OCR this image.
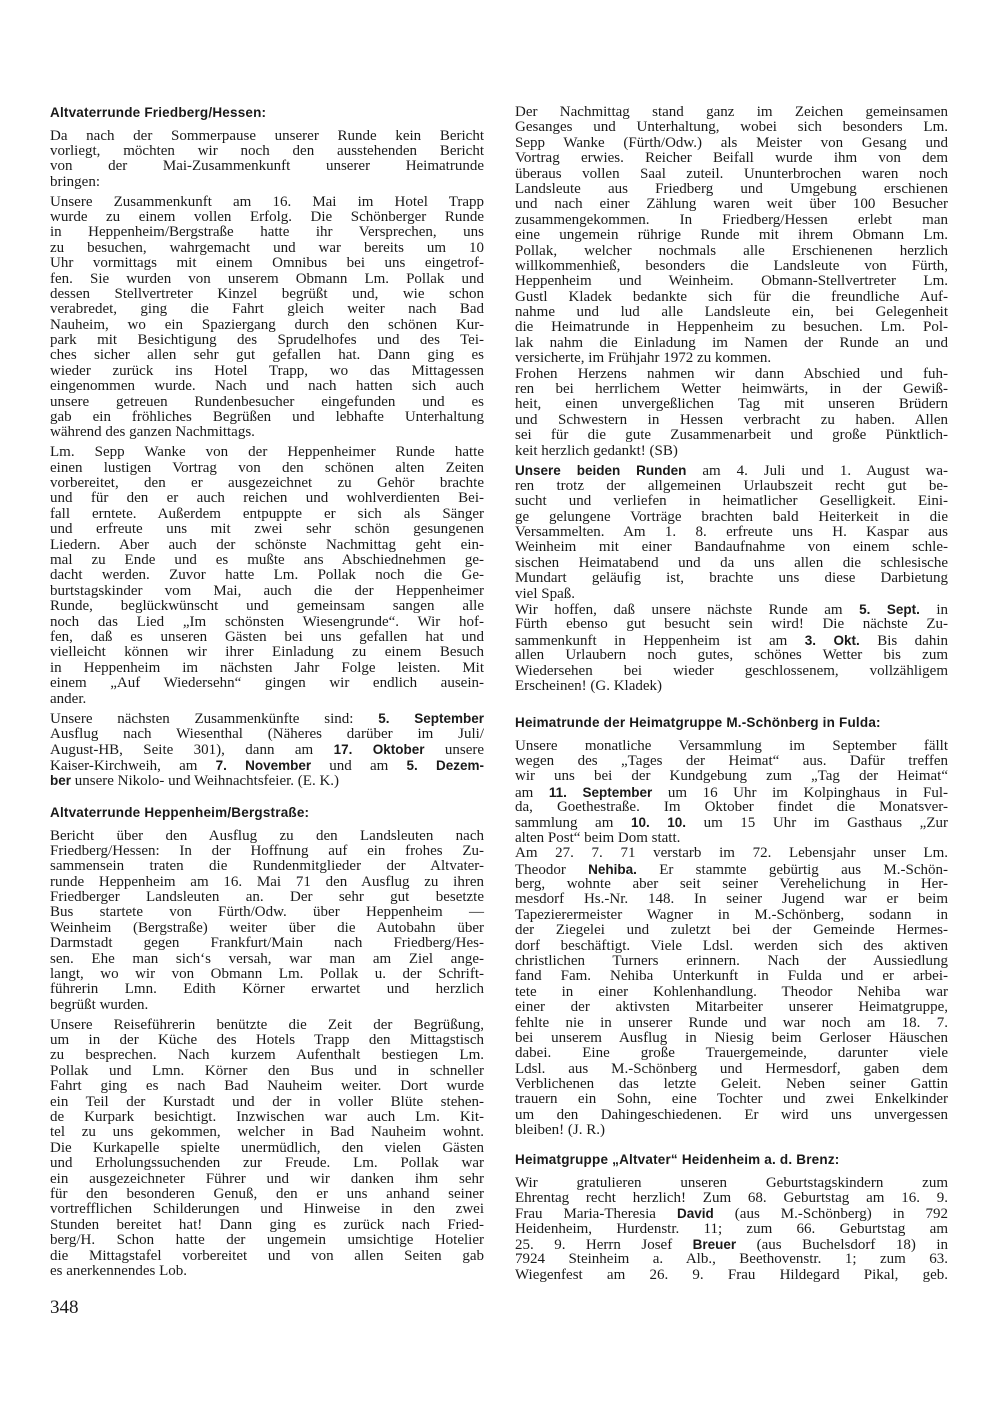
Altvaterrunde Friedberg/Hessen:
Da nach der Sommerpause unserer Runde kein Bericht
vorliegt, möchten wir noch den ausstehenden Bericht
von der Mai-Zusammenkunft unserer Heimatrunde
bringen:
Unsere Zusammenkunft am 16. Mai im Hotel Trapp
wurde zu einem vollen Erfolg. Die Schönberger Runde
in Heppenheim/Bergstraße hatte ihr Versprechen, uns
zu besuchen, wahrgemacht und war bereits um 10
Uhr vormittags mit einem Omnibus bei uns eingetrof-
fen. Sie wurden von unserem Obmann Lm. Pollak und
dessen Stellvertreter Kinzel begrüßt und, wie schon
verabredet, ging die Fahrt gleich weiter nach Bad
Nauheim, wo ein Spaziergang durch den schönen Kur-
park mit Besichtigung des Sprudelhofes und des Tei-
ches sicher allen sehr gut gefallen hat. Dann ging es
wieder zurück ins Hotel Trapp, wo das Mittagessen
eingenommen wurde. Nach und nach hatten sich auch
unsere getreuen Rundenbesucher eingefunden und es
gab ein fröhliches Begrüßen und lebhafte Unterhaltung
während des ganzen Nachmittags.
Lm. Sepp Wanke von der Heppenheimer Runde hatte
einen lustigen Vortrag von den schönen alten Zeiten
vorbereitet, den er ausgezeichnet zu Gehör brachte
und für den er auch reichen und wohlverdienten Bei-
fall erntete. Außerdem entpuppte er sich als Sänger
und erfreute uns mit zwei sehr schön gesungenen
Liedern. Aber auch der schönste Nachmittag geht ein-
mal zu Ende und es mußte ans Abschiednehmen ge-
dacht werden. Zuvor hatte Lm. Pollak noch die Ge-
burtstagskinder vom Mai, auch die der Heppenheimer
Runde, beglückwünscht und gemeinsam sangen alle
noch das Lied „Im schönsten Wiesengrunde“. Wir hof-
fen, daß es unseren Gästen bei uns gefallen hat und
vielleicht können wir ihrer Einladung zu einem Besuch
in Heppenheim im nächsten Jahr Folge leisten. Mit
einem „Auf Wiedersehn“ gingen wir endlich ausein-
ander.
Unsere nächsten Zusammenkünfte sind: 5. September
Ausflug nach Wiesenthal (Näheres darüber im Juli/
August-HB, Seite 301), dann am 17. Oktober unsere
Kaiser-Kirchweih, am 7. November und am 5. Dezem-
ber unsere Nikolo- und Weihnachtsfeier. (E. K.)
Altvaterrunde Heppenheim/Bergstraße:
Bericht über den Ausflug zu den Landsleuten nach
Friedberg/Hessen: In der Hoffnung auf ein frohes Zu-
sammensein traten die Rundenmitglieder der Altvater-
runde Heppenheim am 16. Mai 71 den Ausflug zu ihren
Friedberger Landsleuten an. Der sehr gut besetzte
Bus startete von Fürth/Odw. über Heppenheim —
Weinheim (Bergstraße) weiter über die Autobahn über
Darmstadt gegen Frankfurt/Main nach Friedberg/Hes-
sen. Ehe man sich‘s versah, war man am Ziel ange-
langt, wo wir von Obmann Lm. Pollak u. der Schrift-
führerin Lmn. Edith Körner erwartet und herzlich
begrüßt wurden.
Unsere Reiseführerin benützte die Zeit der Begrüßung,
um in der Küche des Hotels Trapp den Mittagstisch
zu besprechen. Nach kurzem Aufenthalt bestiegen Lm.
Pollak und Lmn. Körner den Bus und in schneller
Fahrt ging es nach Bad Nauheim weiter. Dort wurde
ein Teil der Kurstadt und der in voller Blüte stehen-
de Kurpark besichtigt. Inzwischen war auch Lm. Kit-
tel zu uns gekommen, welcher in Bad Nauheim wohnt.
Die Kurkapelle spielte unermüdlich, den vielen Gästen
und Erholungssuchenden zur Freude. Lm. Pollak war
ein ausgezeichneter Führer und wir danken ihm sehr
für den besonderen Genuß, den er uns anhand seiner
vortrefflichen Schilderungen und Hinweise in den zwei
Stunden bereitet hat! Dann ging es zurück nach Fried-
berg/H. Schon hatte der ungemein umsichtige Hotelier
die Mittagstafel vorbereitet und von allen Seiten gab
es anerkennendes Lob.
Der Nachmittag stand ganz im Zeichen gemeinsamen
Gesanges und Unterhaltung, wobei sich besonders Lm.
Sepp Wanke (Fürth/Odw.) als Meister von Gesang und
Vortrag erwies. Reicher Beifall wurde ihm von dem
überaus vollen Saal zuteil. Ununterbrochen waren noch
Landsleute aus Friedberg und Umgebung erschienen
und nach einer Zählung waren weit über 100 Besucher
zusammengekommen. In Friedberg/Hessen erlebt man
eine ungemein rührige Runde mit ihrem Obmann Lm.
Pollak, welcher nochmals alle Erschienenen herzlich
willkommenhieß, besonders die Landsleute von Fürth,
Heppenheim und Weinheim. Obmann-Stellvertreter Lm.
Gustl Kladek bedankte sich für die freundliche Auf-
nahme und lud alle Landsleute ein, bei Gelegenheit
die Heimatrunde in Heppenheim zu besuchen. Lm. Pol-
lak nahm die Einladung im Namen der Runde an und
versicherte, im Frühjahr 1972 zu kommen.
Frohen Herzens nahmen wir dann Abschied und fuh-
ren bei herrlichem Wetter heimwärts, in der Gewiß-
heit, einen unvergeßlichen Tag mit unseren Brüdern
und Schwestern in Hessen verbracht zu haben. Allen
sei für die gute Zusammenarbeit und große Pünktlich-
keit herzlich gedankt! (SB)
Unsere beiden Runden am 4. Juli und 1. August wa-
ren trotz der allgemeinen Urlaubszeit recht gut be-
sucht und verliefen in heimatlicher Geselligkeit. Eini-
ge gelungene Vorträge brachten bald Heiterkeit in die
Versammelten. Am 1. 8. erfreute uns H. Kaspar aus
Weinheim mit einer Bandaufnahme von einem schle-
sischen Heimatabend und da uns allen die schlesische
Mundart geläufig ist, brachte uns diese Darbietung
viel Spaß.
Wir hoffen, daß unsere nächste Runde am 5. Sept. in
Fürth ebenso gut besucht sein wird! Die nächste Zu-
sammenkunft in Heppenheim ist am 3. Okt. Bis dahin
allen Urlaubern noch gutes, schönes Wetter bis zum
Wiedersehen bei wieder geschlossenem, vollzähligem
Erscheinen! (G. Kladek)
Heimatrunde der Heimatgruppe M.-Schönberg in Fulda:
Unsere monatliche Versammlung im September fällt
wegen des „Tages der Heimat“ aus. Dafür treffen
wir uns bei der Kundgebung zum „Tag der Heimat“
am 11. September um 16 Uhr im Kolpinghaus in Ful-
da, Goethestraße. Im Oktober findet die Monatsver-
sammlung am 10. 10. um 15 Uhr im Gasthaus „Zur
alten Post“ beim Dom statt.
Am 27. 7. 71 verstarb im 72. Lebensjahr unser Lm.
Theodor Nehiba. Er stammte gebürtig aus M.-Schön-
berg, wohnte aber seit seiner Verehelichung in Her-
mesdorf Hs.-Nr. 148. In seiner Jugend war er beim
Tapezierermeister Wagner in M.-Schönberg, sodann in
der Ziegelei und zuletzt bei der Gemeinde Hermes-
dorf beschäftigt. Viele Ldsl. werden sich des aktiven
christlichen Turners erinnern. Nach der Aussiedlung
fand Fam. Nehiba Unterkunft in Fulda und er arbei-
tete in einer Kohlenhandlung. Theodor Nehiba war
einer der aktivsten Mitarbeiter unserer Heimatgruppe,
fehlte nie in unserer Runde und war noch am 18. 7.
bei unserem Ausflug in Niesig beim Gerloser Häuschen
dabei. Eine große Trauergemeinde, darunter viele
Ldsl. aus M.-Schönberg und Hermesdorf, gaben dem
Verblichenen das letzte Geleit. Neben seiner Gattin
trauern ein Sohn, eine Tochter und zwei Enkelkinder
um den Dahingeschiedenen. Er wird uns unvergessen
bleiben! (J. R.)
Heimatgruppe „Altvater“ Heidenheim a. d. Brenz:
Wir gratulieren unseren Geburtstagskindern zum
Ehrentag recht herzlich! Zum 68. Geburtstag am 16. 9.
Frau Maria-Theresia David (aus M.-Schönberg) in 792
Heidenheim, Hurdenstr. 11; zum 66. Geburtstag am
25. 9. Herrn Josef Breuer (aus Buchelsdorf 18) in
7924 Steinheim a. Alb., Beethovenstr. 1; zum 63.
Wiegenfest am 26. 9. Frau Hildegard Pikal, geb.
348
